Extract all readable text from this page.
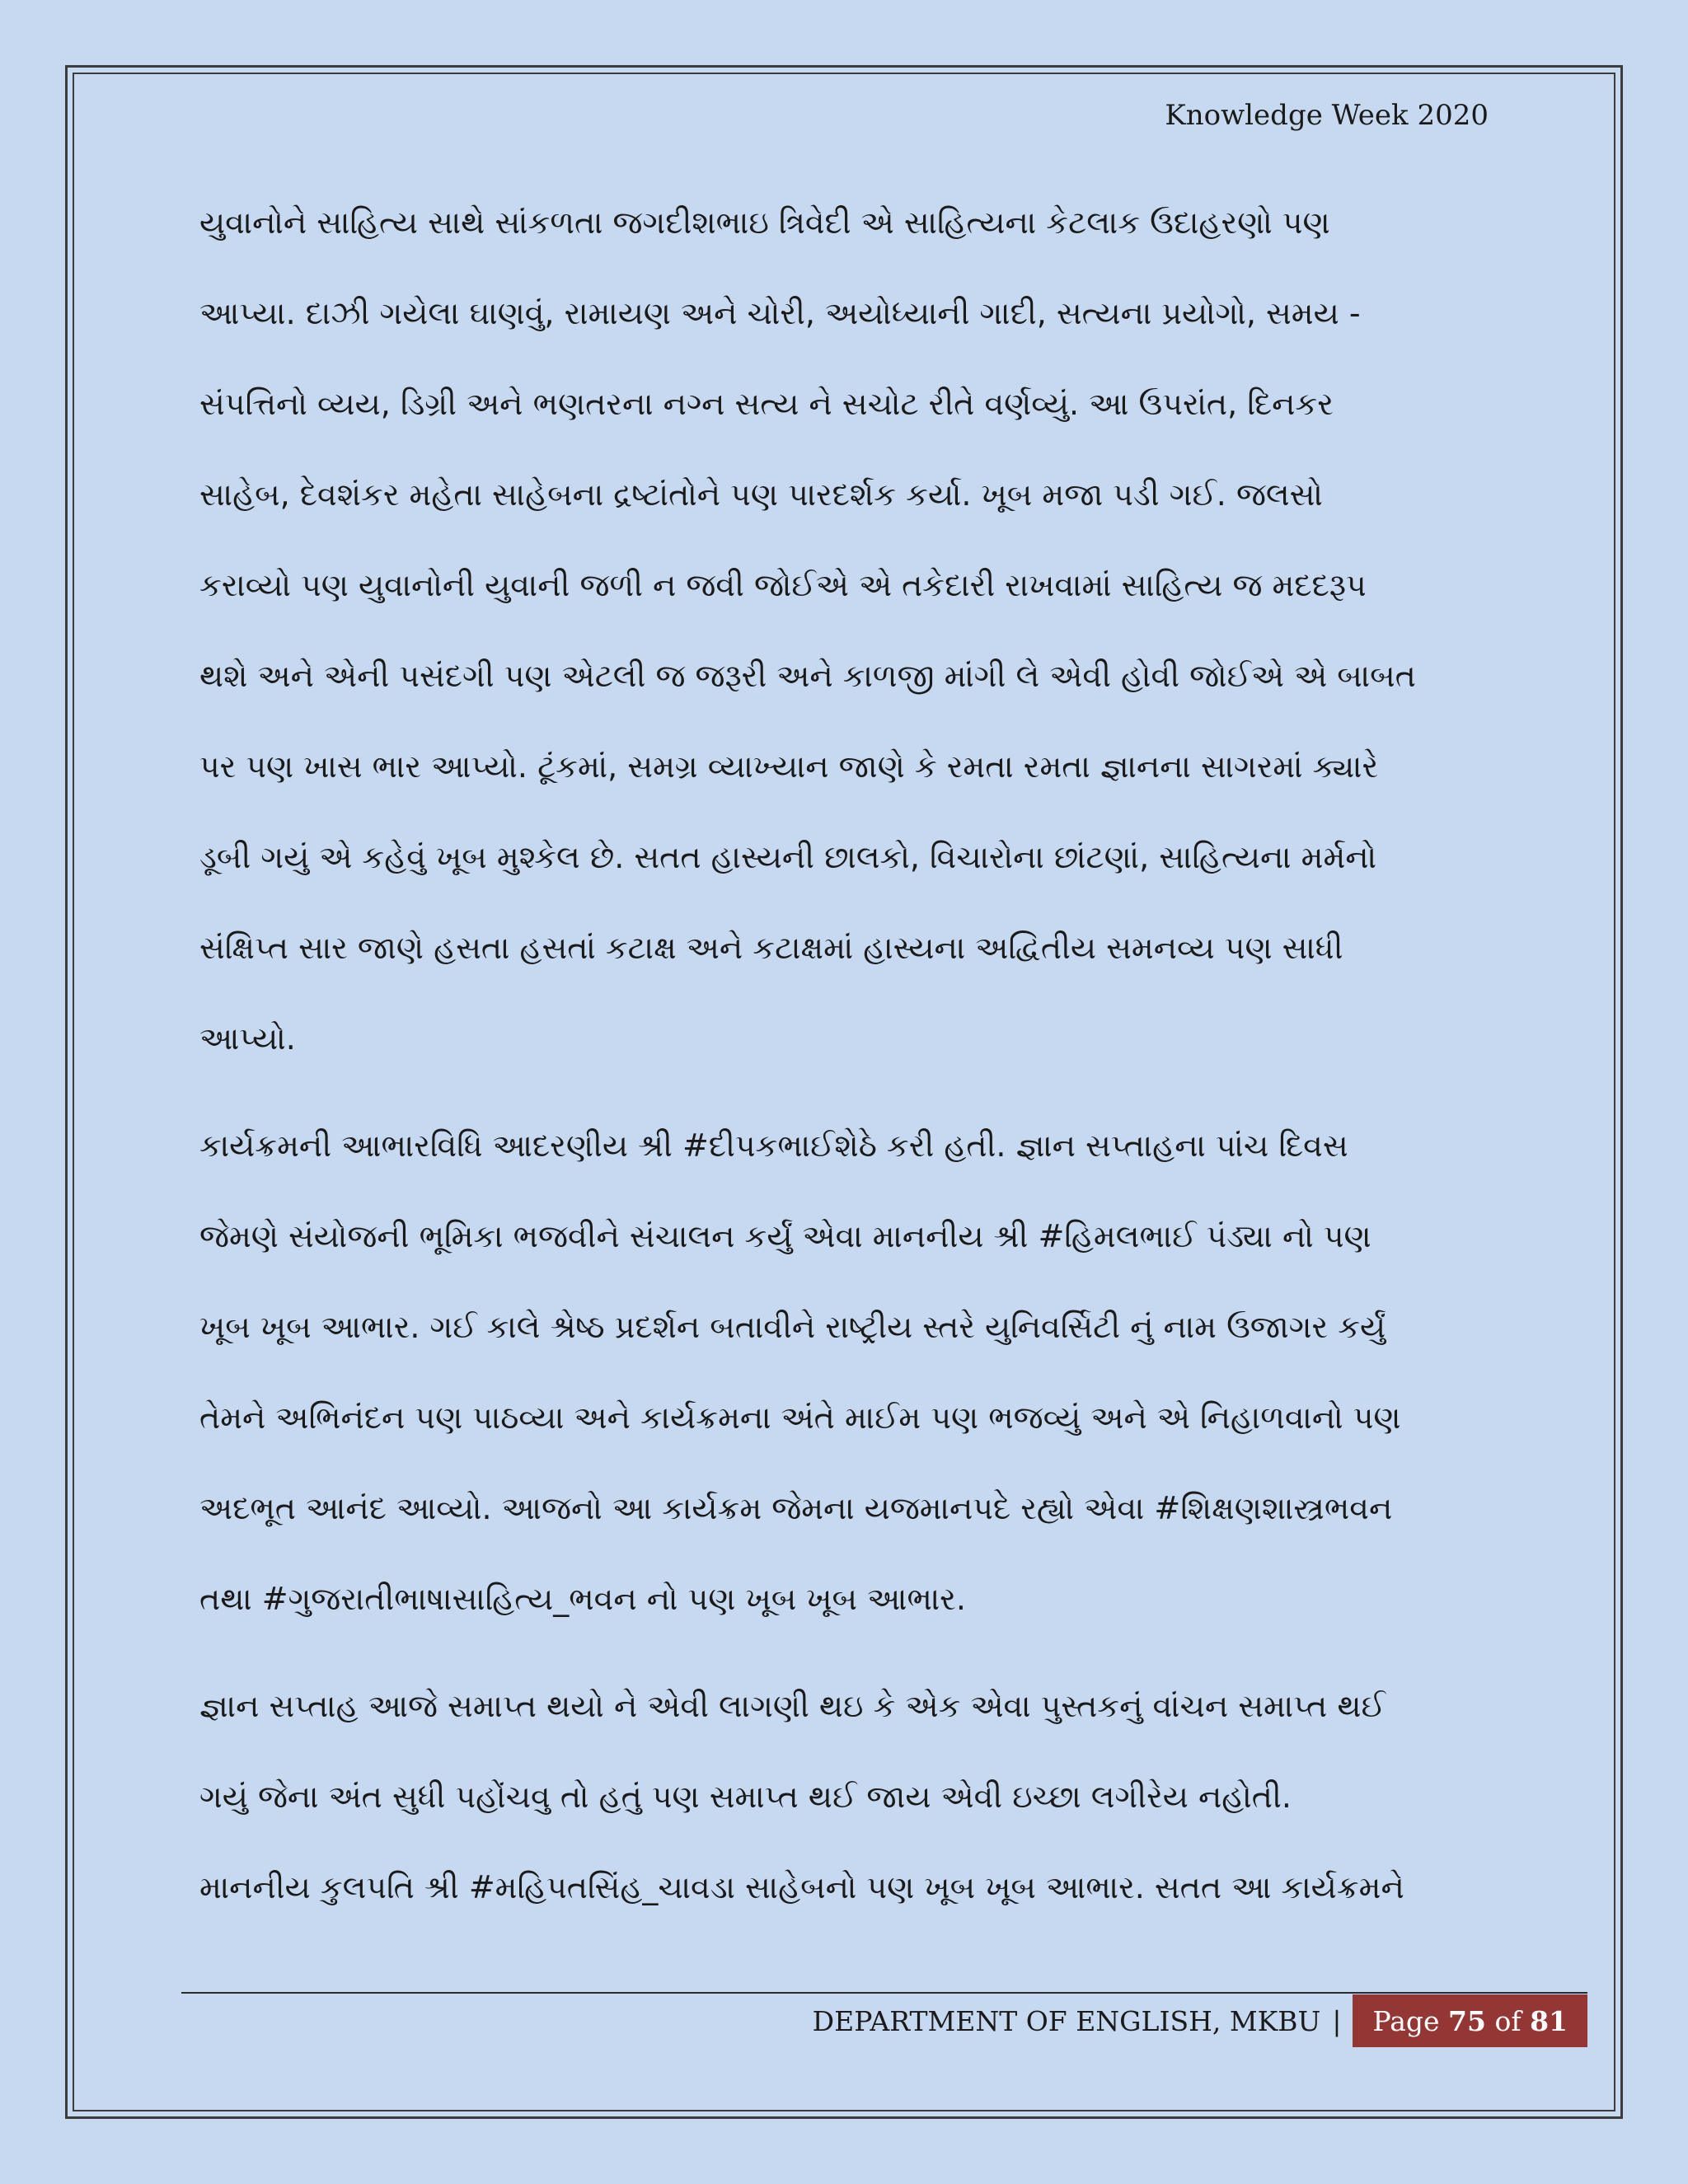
Knowledge Week 2020
યુવાનોને સાહિત્ય સાથે સાંકળતા જગદીશભાઇ ત્રિવેદી એ સાહિત્યના કેટલાક ઉદાહરણો પણ
આપ્યા. દાઝી ગયેલા ઘાણવું, રામાયણ અને ચોરી, અયોધ્યાની ગાદી, સત્યના પ્રયોગો, સમય -
સંપત્તિનો વ્યય, ડિગ્રી અને ભણતરના નગ્ન સત્ય ને સચોટ રીતે વર્ણવ્યું. આ ઉપરાંત, દિનકર
સાહેબ, દેવશંકર મહેતા સાહેબના દ્રષ્ટાંતોને પણ પારદર્શક કર્યા. ખૂબ મજા પડી ગઈ. જલસો
કરાવ્યો પણ યુવાનોની યુવાની જળી ન જવી જોઈએ એ તકેદારી રાખવામાં સાહિત્ય જ મદદરૂપ
થશે અને એની પસંદગી પણ એટલી જ જરૂરી અને કાળજી માંગી લે એવી હોવી જોઈએ એ બાબત
પર પણ ખાસ ભાર આપ્યો. ટૂંકમાં, સમગ્ર વ્યાખ્યાન જાણે કે રમતા રમતા જ્ઞાનના સાગરમાં ક્યારે
ડૂબી ગયું એ કહેવું ખૂબ મુશ્કેલ છે. સતત હાસ્યની છાલકો, વિચારોના છાંટણાં, સાહિત્યના મર્મનો
સંક્ષિપ્ત સાર જાણે હસતા હસતાં કટાક્ષ અને કટાક્ષમાં હાસ્યના અદ્વિતીય સમનવ્ય પણ સાધી
આપ્યો.
કાર્યક્રમની આભારવિધિ આદરણીય શ્રી #દીપકભાઈશેઠે કરી હતી. જ્ઞાન સપ્તાહના પાંચ દિવસ
જેમણે સંયોજની ભૂમિકા ભજવીને સંચાલન કર્યું એવા માનનીય શ્રી #હિમલભાઈ પંડ્યા નો પણ
ખૂબ ખૂબ આભાર. ગઈ કાલે શ્રેષ્ઠ પ્રદર્શન બતાવીને રાષ્ટ્રીય સ્તરે યુનિવર્સિટી નું નામ ઉજાગર કર્યું
તેમને અભિનંદન પણ પાઠવ્યા અને કાર્યક્રમના અંતે માઈમ પણ ભજવ્યું અને એ નિહાળવાનો પણ
અદભૂત આનંદ આવ્યો. આજનો આ કાર્યક્રમ જેમના યજમાનપદે રહ્યો એવા #શિક્ષણશાસ્ત્રભવન
તથા #ગુજરાતીભાષાસાહિત્ય_ભવન નો પણ ખૂબ ખૂબ આભાર.
જ્ઞાન સપ્તાહ આજે સમાપ્ત થયો ને એવી લાગણી થઇ કે એક એવા પુસ્તકનું વાંચન સમાપ્ત થઈ
ગયું જેના અંત સુધી પહોંચવુ તો હતું પણ સમાપ્ત થઈ જાય એવી ઇચ્છા લગીરેય નહોતી.
માનનીય કુલપતિ શ્રી #મહિપતસિંહ_ચાવડા સાહેબનો પણ ખૂબ ખૂબ આભાર. સતત આ કાર્યક્રમને
DEPARTMENT OF ENGLISH, MKBU | Page
75
of
81
